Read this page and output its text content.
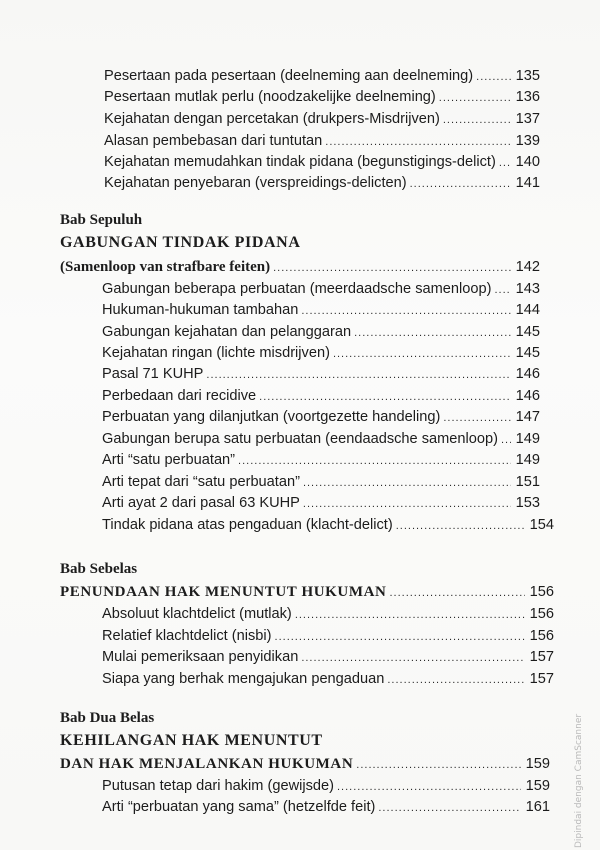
Pesertaan pada pesertaan (deelneming aan deelneming) .....	135
Pesertaan mutlak perlu (noodzakelijke deelneming) .....	136
Kejahatan dengan percetakan (drukpers-Misdrijven) .....	137
Alasan pembebasan dari tuntutan .....	139
Kejahatan memudahkan tindak pidana (begunstigings-delict) ..... 140
Kejahatan penyebaran (verspreidings-delicten) .....	141
Bab Sepuluh
GABUNGAN TINDAK PIDANA
(Samenloop van strafbare feiten) .....	142
Gabungan beberapa perbuatan (meerdaadsche samenloop) ..... 143
Hukuman-hukuman tambahan .....	144
Gabungan kejahatan dan pelanggaran .....	145
Kejahatan ringan (lichte misdrijven) .....	145
Pasal 71 KUHP .....	146
Perbedaan dari recidive .....	146
Perbuatan yang dilanjutkan (voortgezette handeling) .....	147
Gabungan berupa satu perbuatan (eendaadsche samenloop) ..... 149
Arti “satu perbuatan” .....	149
Arti tepat dari “satu perbuatan” .....	151
Arti ayat 2 dari pasal 63 KUHP .....	153
Tindak pidana atas pengaduan (klacht-delict) .....	154
Bab Sebelas
PENUNDAAN HAK MENUNTUT HUKUMAN .....	156
Absoluut klachtdelict (mutlak) .....	156
Relatief klachtdelict (nisbi) .....	156
Mulai pemeriksaan penyidikan .....	157
Siapa yang berhak mengajukan pengaduan .....	157
Bab Dua Belas
KEHILANGAN HAK MENUNTUT
DAN HAK MENJALANKAN HUKUMAN .....	159
Putusan tetap dari hakim (gewijsde) .....	159
Arti “perbuatan yang sama” (hetzelfde feit) .....	161	Dipindai dengan CamScanner
